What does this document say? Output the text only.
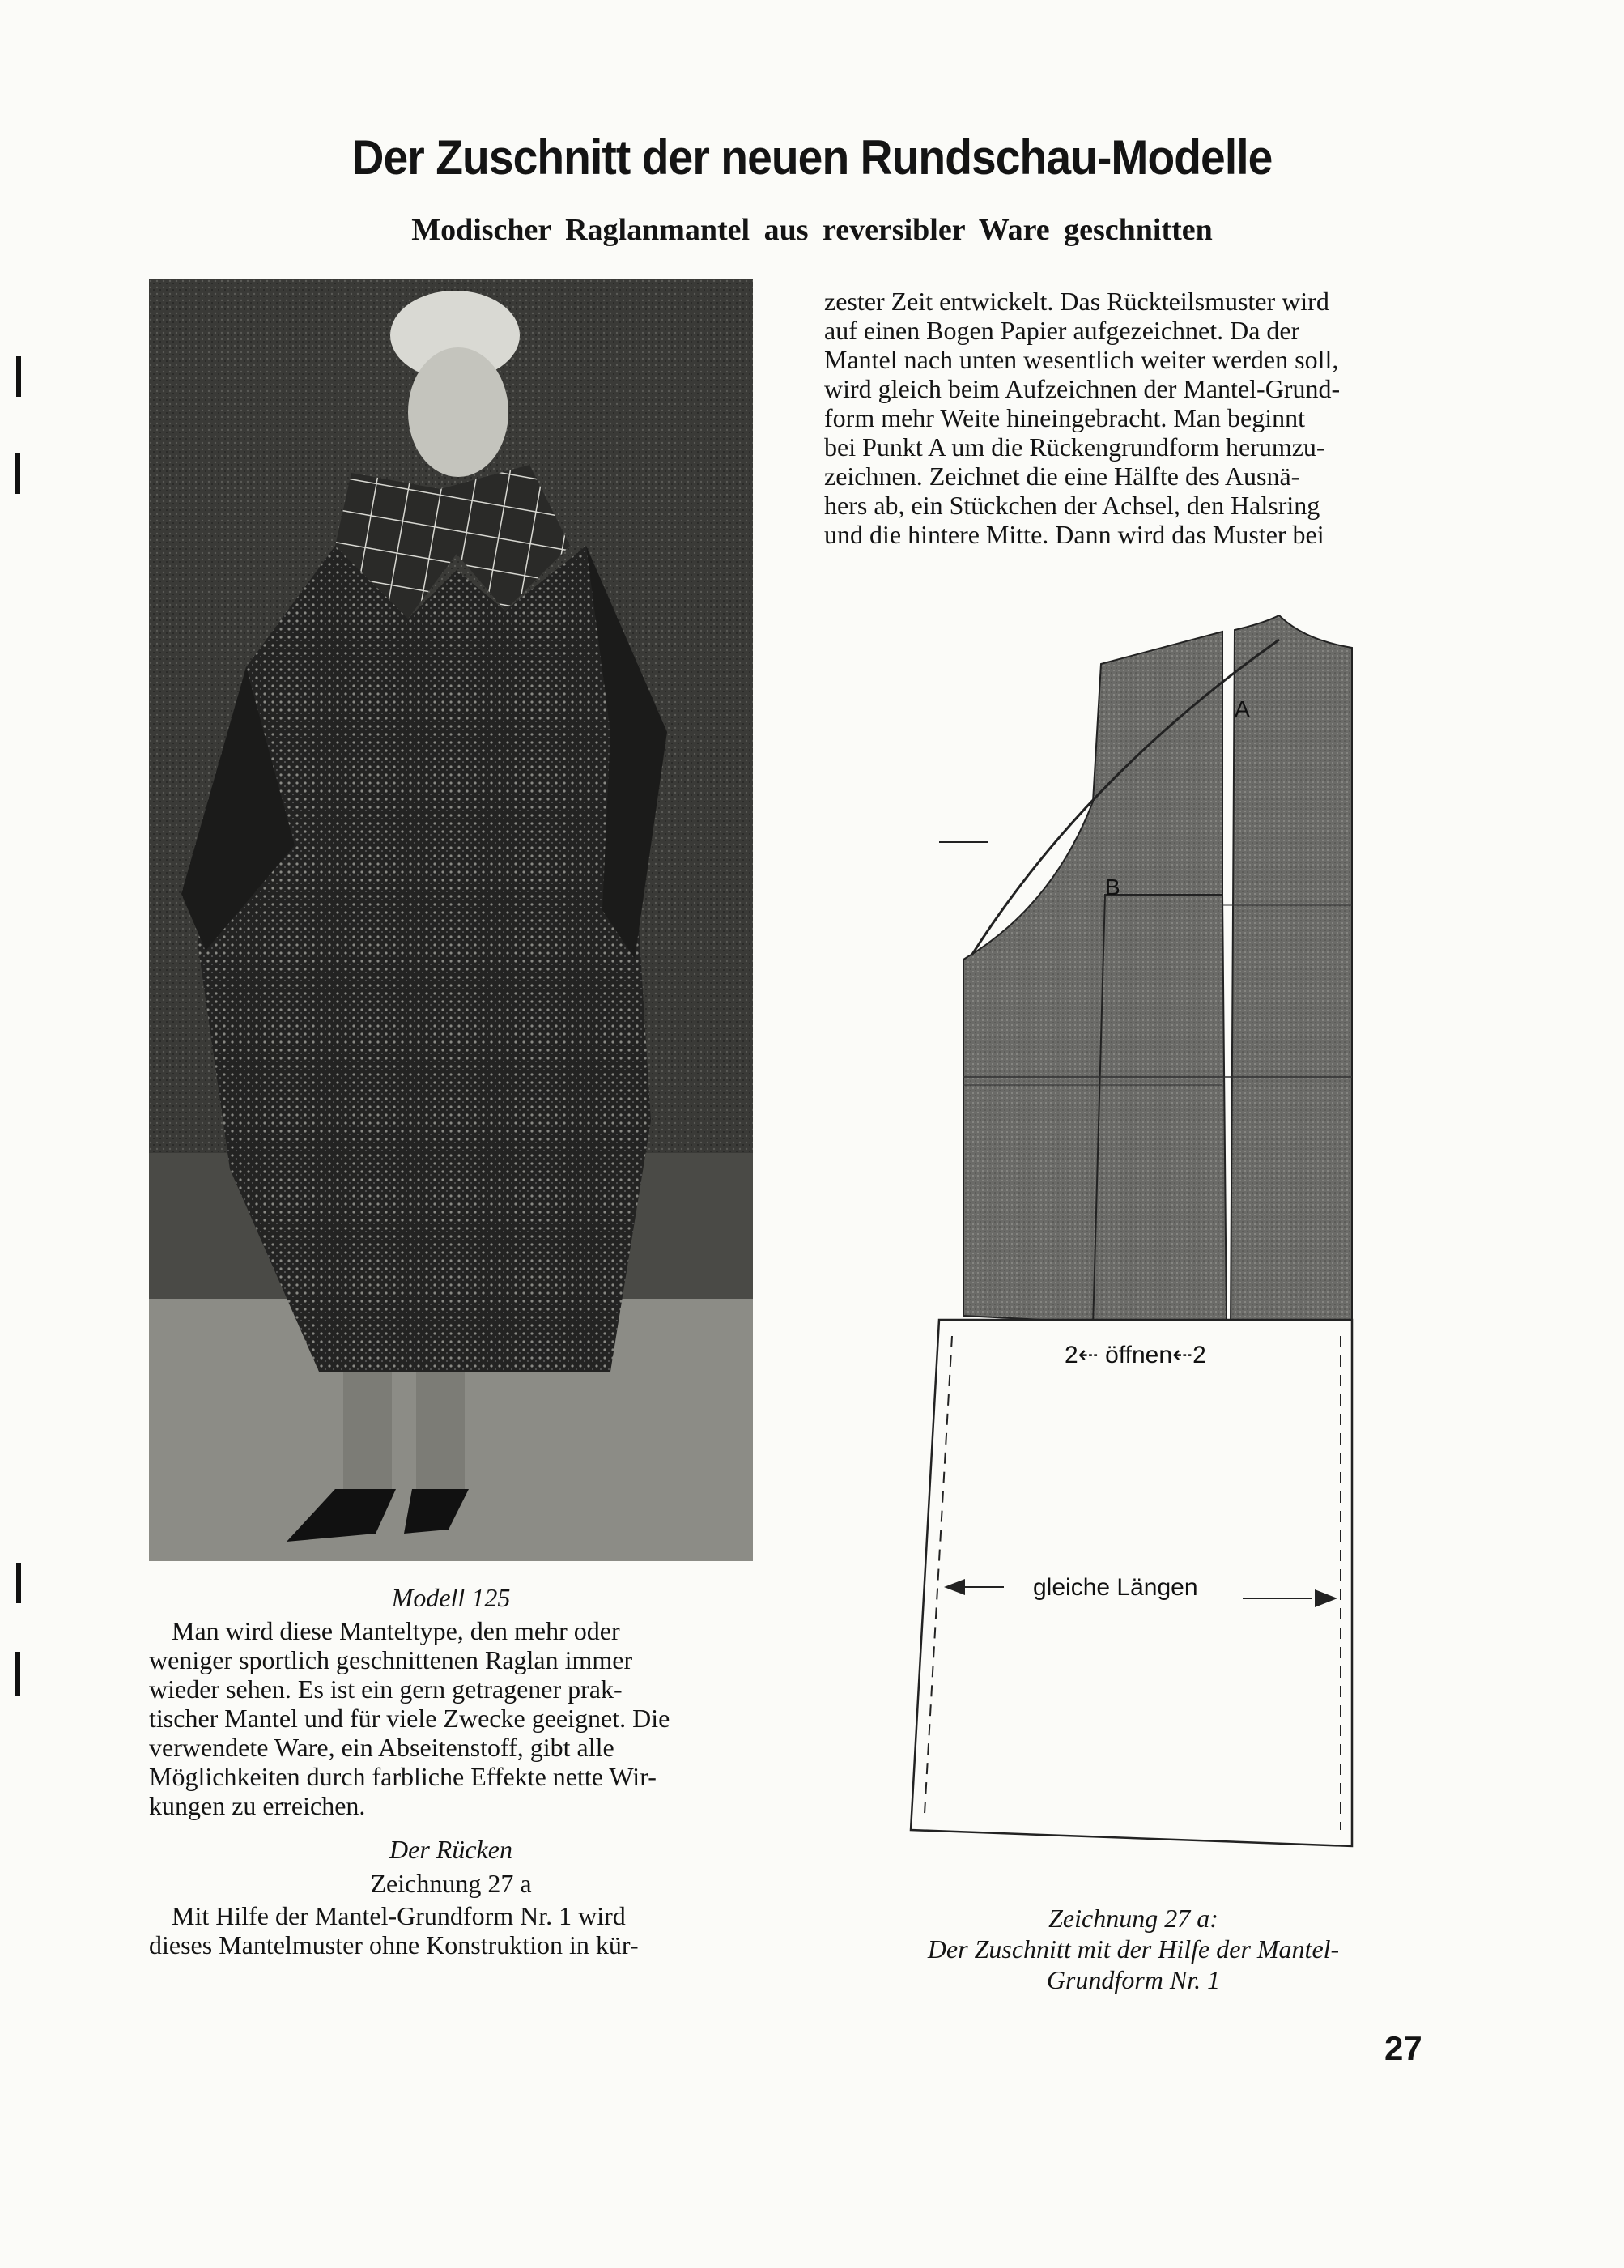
Der Zuschnitt der neuen Rundschau-Modelle
Modischer Raglanmantel aus reversibler Ware geschnitten
Modell 125

Man wird diese Manteltype, den mehr oder

weniger sportlich geschnittenen Raglan immer

wieder sehen. Es ist ein gern getragener prak-

tischer Mantel und für viele Zwecke geeignet. Die

verwendete Ware, ein Abseitenstoff, gibt alle

Möglichkeiten durch farbliche Effekte nette Wir-

kungen zu erreichen.

Der Rücken

Zeichnung 27 a

Mit Hilfe der Mantel-Grundform Nr. 1 wird

dieses Mantelmuster ohne Konstruktion in kür-

zester Zeit entwickelt. Das Rückteilsmuster wird

auf einen Bogen Papier aufgezeichnet. Da der

Mantel nach unten wesentlich weiter werden soll,

wird gleich beim Aufzeichnen der Mantel-Grund-

form mehr Weite hineingebracht. Man beginnt

bei Punkt A um die Rückengrundform herumzu-

zeichnen. Zeichnet die eine Hälfte des Ausnä-

hers ab, ein Stückchen der Achsel, den Halsring

und die hintere Mitte. Dann wird das Muster bei

A
B
2⇠ öffnen⇠2
gleiche Längen
Zeichnung 27 a:
Der Zuschnitt mit der Hilfe der Mantel-
Grundform Nr. 1
27
